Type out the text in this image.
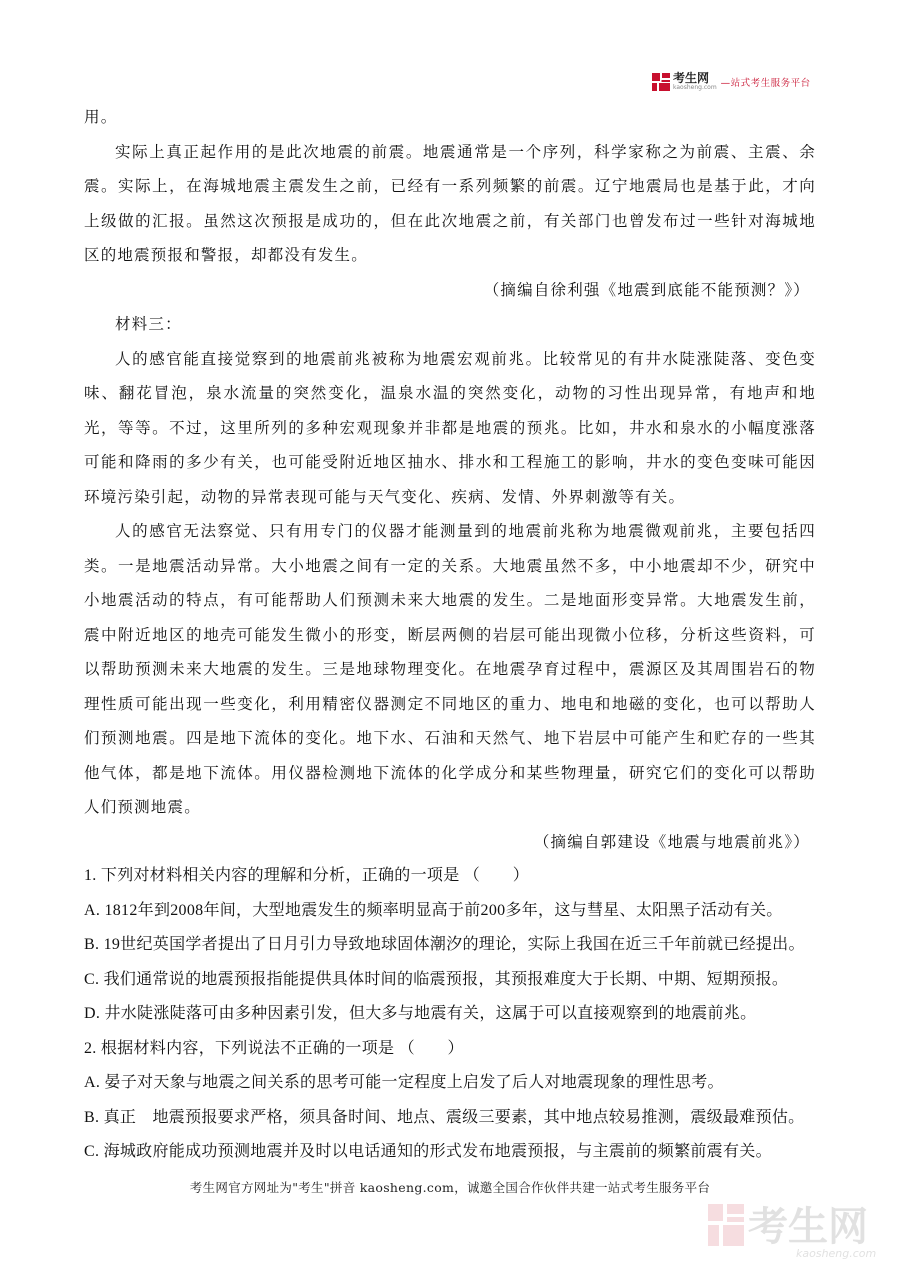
考生网
kaosheng.com —站式考生服务平台

用。

实际上真正起作用的是此次地震的前震。地震通常是一个序列，科学家称之为前震、主震、余震。实际上，在海城地震主震发生之前，已经有一系列频繁的前震。辽宁地震局也是基于此，才向上级做的汇报。虽然这次预报是成功的，但在此次地震之前，有关部门也曾发布过一些针对海城地区的地震预报和警报，却都没有发生。

（摘编自徐利强《地震到底能不能预测？》）

材料三：

人的感官能直接觉察到的地震前兆被称为地震宏观前兆。比较常见的有井水陡涨陡落、变色变味、翻花冒泡，泉水流量的突然变化，温泉水温的突然变化，动物的习性出现异常，有地声和地光，等等。不过，这里所列的多种宏观现象并非都是地震的预兆。比如，井水和泉水的小幅度涨落可能和降雨的多少有关，也可能受附近地区抽水、排水和工程施工的影响，井水的变色变味可能因环境污染引起，动物的异常表现可能与天气变化、疾病、发情、外界刺激等有关。

人的感官无法察觉、只有用专门的仪器才能测量到的地震前兆称为地震微观前兆，主要包括四类。一是地震活动异常。大小地震之间有一定的关系。大地震虽然不多，中小地震却不少，研究中小地震活动的特点，有可能帮助人们预测未来大地震的发生。二是地面形变异常。大地震发生前，震中附近地区的地壳可能发生微小的形变，断层两侧的岩层可能出现微小位移，分析这些资料，可以帮助预测未来大地震的发生。三是地球物理变化。在地震孕育过程中，震源区及其周围岩石的物理性质可能出现一些变化，利用精密仪器测定不同地区的重力、地电和地磁的变化，也可以帮助人们预测地震。四是地下流体的变化。地下水、石油和天然气、地下岩层中可能产生和贮存的一些其他气体，都是地下流体。用仪器检测地下流体的化学成分和某些物理量，研究它们的变化可以帮助人们预测地震。

（摘编自郭建设《地震与地震前兆》）

1. 下列对材料相关内容的理解和分析，正确的一项是 （　　）

A. 1812年到2008年间，大型地震发生的频率明显高于前200多年，这与彗星、太阳黑子活动有关。

B. 19世纪英国学者提出了日月引力导致地球固体潮汐的理论，实际上我国在近三千年前就已经提出。

C. 我们通常说的地震预报指能提供具体时间的临震预报，其预报难度大于长期、中期、短期预报。

D. 井水陡涨陡落可由多种因素引发，但大多与地震有关，这属于可以直接观察到的地震前兆。

2. 根据材料内容，下列说法不正确的一项是 （　　）

A. 晏子对天象与地震之间关系的思考可能一定程度上启发了后人对地震现象的理性思考。

B. 真正　地震预报要求严格，须具备时间、地点、震级三要素，其中地点较易推测，震级最难预估。

C. 海城政府能成功预测地震并及时以电话通知的形式发布地震预报，与主震前的频繁前震有关。

考生网官方网址为"考生"拼音 kaosheng.com，诚邀全国合作伙伴共建一站式考生服务平台
考生网
kaosheng.com
